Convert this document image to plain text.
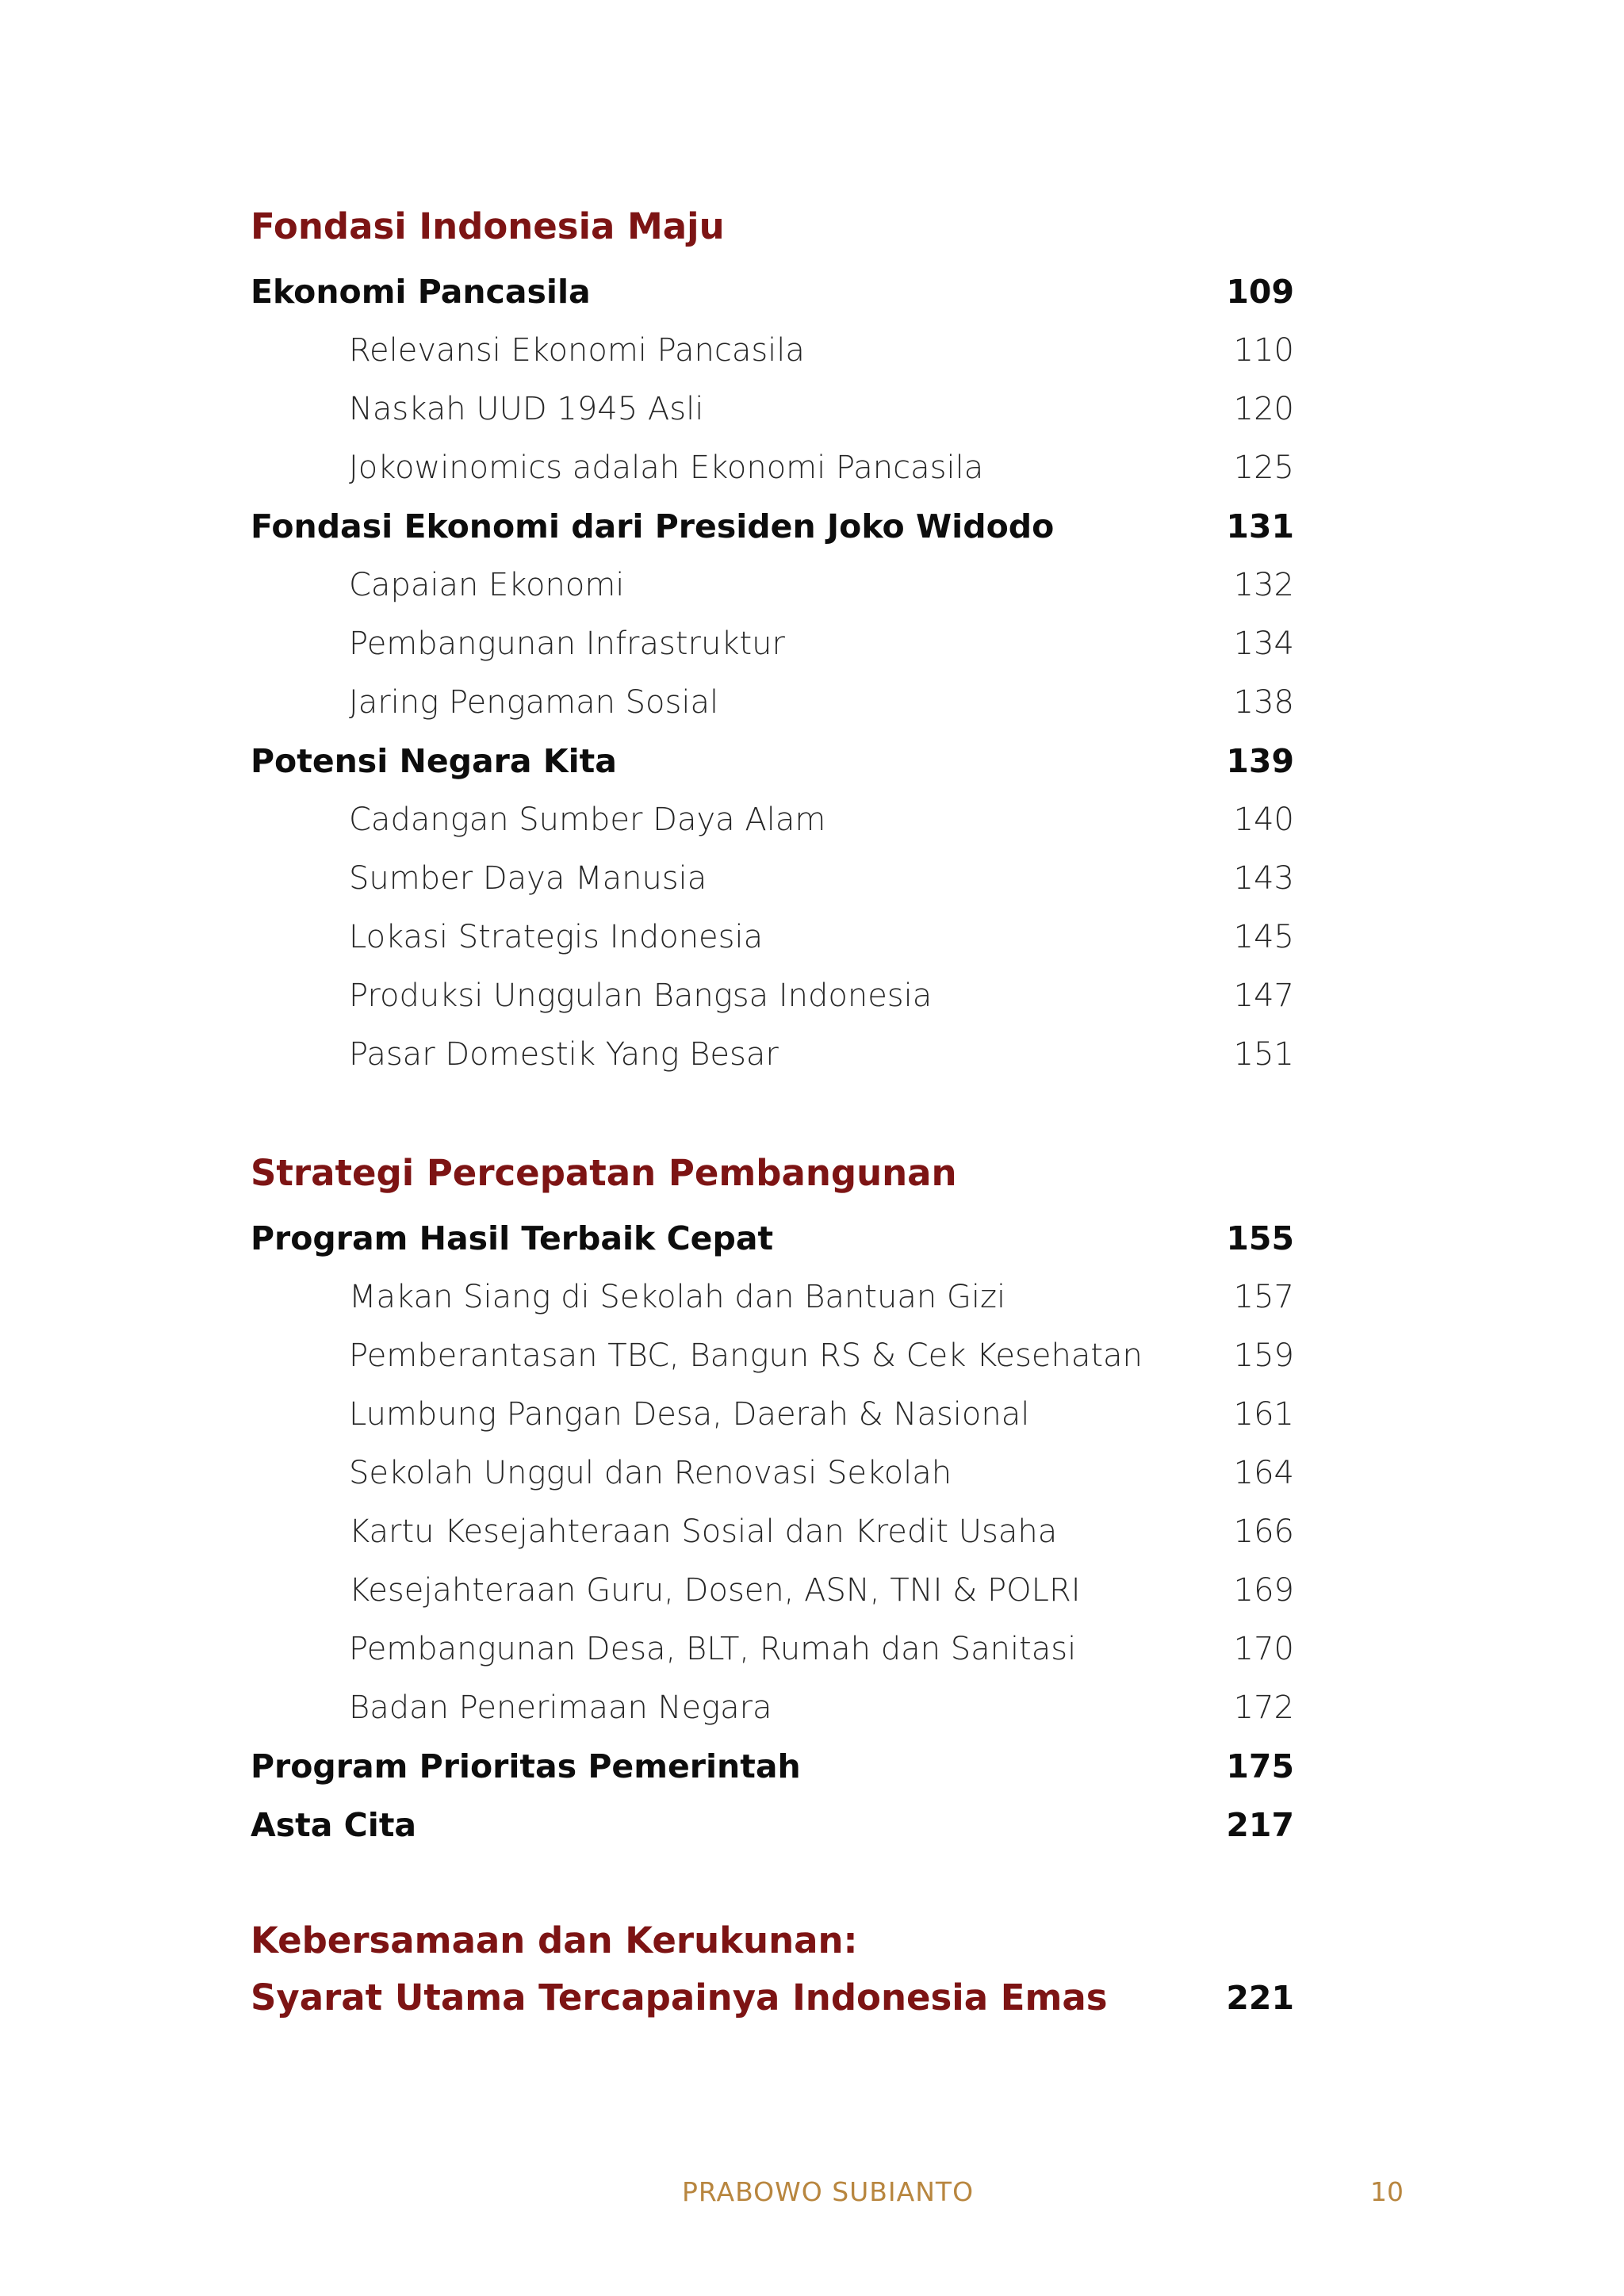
Fondasi Indonesia Maju
Ekonomi Pancasila	109
Relevansi Ekonomi Pancasila	110
Naskah UUD 1945 Asli	120
Jokowinomics adalah Ekonomi Pancasila	125
Fondasi Ekonomi dari Presiden Joko Widodo	131
Capaian Ekonomi	132
Pembangunan Infrastruktur	134
Jaring Pengaman Sosial	138
Potensi Negara Kita	139
Cadangan Sumber Daya Alam	140
Sumber Daya Manusia	143
Lokasi Strategis Indonesia	145
Produksi Unggulan Bangsa Indonesia	147
Pasar Domestik Yang Besar	151
Strategi Percepatan Pembangunan
Program Hasil Terbaik Cepat	155
Makan Siang di Sekolah dan Bantuan Gizi	157
Pemberantasan TBC, Bangun RS & Cek Kesehatan	159
Lumbung Pangan Desa, Daerah & Nasional	161
Sekolah Unggul dan Renovasi Sekolah	164
Kartu Kesejahteraan Sosial dan Kredit Usaha	166
Kesejahteraan Guru, Dosen, ASN, TNI & POLRI	169
Pembangunan Desa, BLT, Rumah dan Sanitasi	170
Badan Penerimaan Negara	172
Program Prioritas Pemerintah	175
Asta Cita	217
Kebersamaan dan Kerukunan:
Syarat Utama Tercapainya Indonesia Emas	221
PRABOWO SUBIANTO	10
